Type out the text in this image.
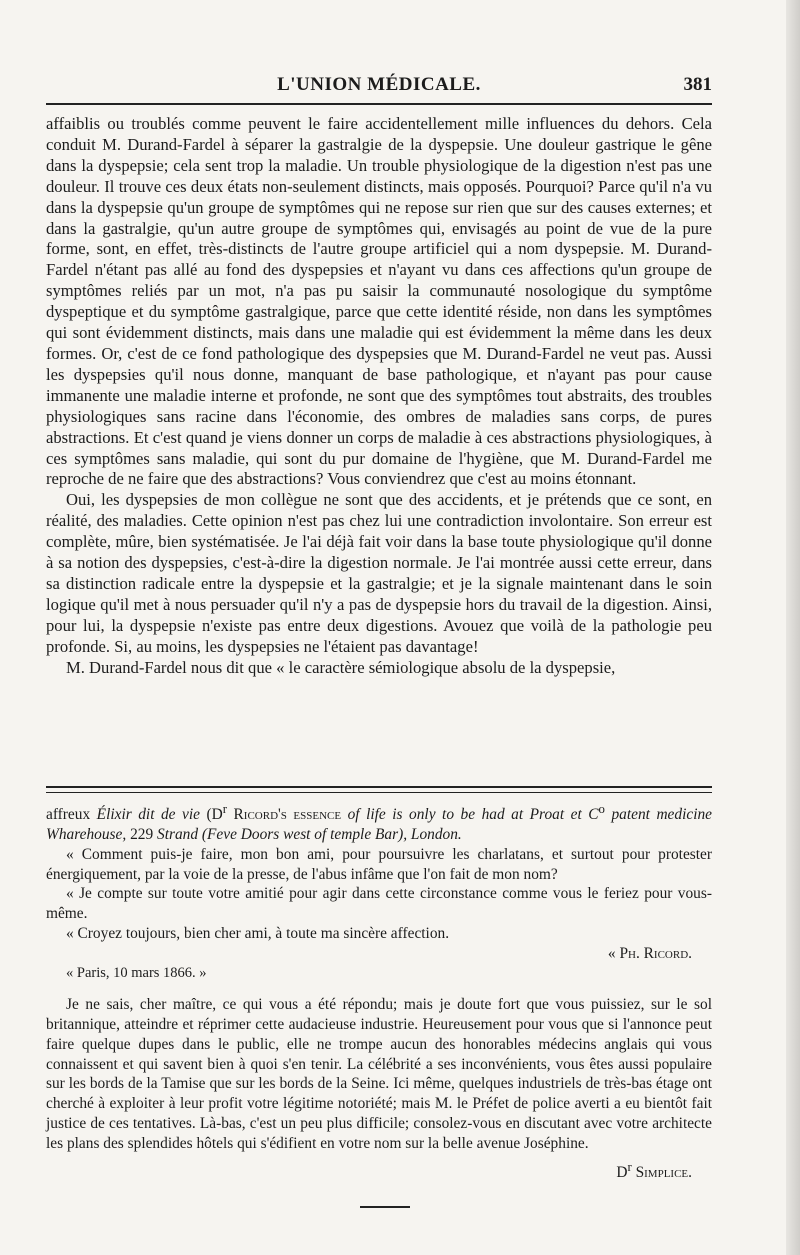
L'UNION MÉDICALE.	381

affaiblis ou troublés comme peuvent le faire accidentellement mille influences du dehors. Cela conduit M. Durand-Fardel à séparer la gastralgie de la dyspepsie. Une douleur gastrique le gêne dans la dyspepsie; cela sent trop la maladie. Un trouble physiologique de la digestion n'est pas une douleur. Il trouve ces deux états non-seulement distincts, mais opposés. Pourquoi? Parce qu'il n'a vu dans la dyspepsie qu'un groupe de symptômes qui ne repose sur rien que sur des causes externes; et dans la gastralgie, qu'un autre groupe de symptômes qui, envisagés au point de vue de la pure forme, sont, en effet, très-distincts de l'autre groupe artificiel qui a nom dyspepsie. M. Durand-Fardel n'étant pas allé au fond des dyspepsies et n'ayant vu dans ces affections qu'un groupe de symptômes reliés par un mot, n'a pas pu saisir la communauté nosologique du symptôme dyspeptique et du symptôme gastralgique, parce que cette identité réside, non dans les symptômes qui sont évidemment distincts, mais dans une maladie qui est évidemment la même dans les deux formes. Or, c'est de ce fond pathologique des dyspepsies que M. Durand-Fardel ne veut pas. Aussi les dyspepsies qu'il nous donne, manquant de base pathologique, et n'ayant pas pour cause immanente une maladie interne et profonde, ne sont que des symptômes tout abstraits, des troubles physiologiques sans racine dans l'économie, des ombres de maladies sans corps, de pures abstractions. Et c'est quand je viens donner un corps de maladie à ces abstractions physiologiques, à ces symptômes sans maladie, qui sont du pur domaine de l'hygiène, que M. Durand-Fardel me reproche de ne faire que des abstractions? Vous conviendrez que c'est au moins étonnant.

Oui, les dyspepsies de mon collègue ne sont que des accidents, et je prétends que ce sont, en réalité, des maladies. Cette opinion n'est pas chez lui une contradiction involontaire. Son erreur est complète, mûre, bien systématisée. Je l'ai déjà fait voir dans la base toute physiologique qu'il donne à sa notion des dyspepsies, c'est-à-dire la digestion normale. Je l'ai montrée aussi cette erreur, dans sa distinction radicale entre la dyspepsie et la gastralgie; et je la signale maintenant dans le soin logique qu'il met à nous persuader qu'il n'y a pas de dyspepsie hors du travail de la digestion. Ainsi, pour lui, la dyspepsie n'existe pas entre deux digestions. Avouez que voilà de la pathologie peu profonde. Si, au moins, les dyspepsies ne l'étaient pas davantage!

M. Durand-Fardel nous dit que « le caractère sémiologique absolu de la dyspepsie,

affreux Élixir dit de vie ($D^r$ Ricord's essence of life is only to be had at Proat et $C^o$ patent medicine Wharehouse, 229 Strand (Feve Doors west of temple Bar), London.

« Comment puis-je faire, mon bon ami, pour poursuivre les charlatans, et surtout pour protester énergiquement, par la voie de la presse, de l'abus infâme que l'on fait de mon nom?

« Je compte sur toute votre amitié pour agir dans cette circonstance comme vous le feriez pour vous-même.

« Croyez toujours, bien cher ami, à toute ma sincère affection.

« Ph. Ricord.

« Paris, 10 mars 1866. »

Je ne sais, cher maître, ce qui vous a été répondu; mais je doute fort que vous puissiez, sur le sol britannique, atteindre et réprimer cette audacieuse industrie. Heureusement pour vous que si l'annonce peut faire quelque dupes dans le public, elle ne trompe aucun des honorables médecins anglais qui vous connaissent et qui savent bien à quoi s'en tenir. La célébrité a ses inconvénients, vous êtes aussi populaire sur les bords de la Tamise que sur les bords de la Seine. Ici même, quelques industriels de très-bas étage ont cherché à exploiter à leur profit votre légitime notoriété; mais M. le Préfet de police averti a eu bientôt fait justice de ces tentatives. Là-bas, c'est un peu plus difficile; consolez-vous en discutant avec votre architecte les plans des splendides hôtels qui s'édifient en votre nom sur la belle avenue Joséphine.

$D^r$ Simplice.
